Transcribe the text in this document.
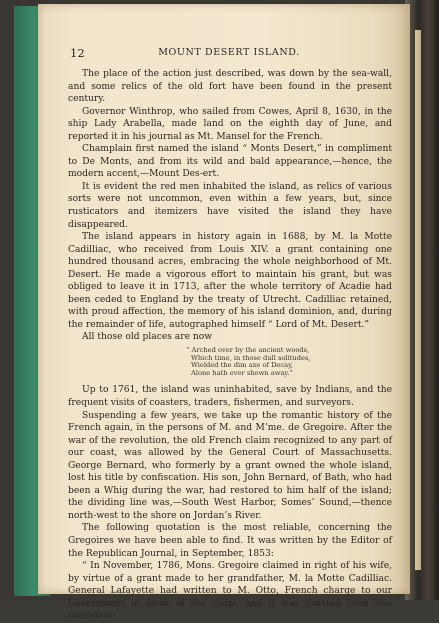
12	MOUNT DESERT ISLAND.

The place of the action just described, was down by the sea-wall, and some relics of the old fort have been found in the present century.

Governor Winthrop, who sailed from Cowes, April 8, 1630, in the ship Lady Arabella, made land on the eighth day of June, and reported it in his journal as Mt. Mansel for the French.

Champlain first named the island “ Monts Desert,” in compliment to De Monts, and from its wild and bald appearance,—hence, the modern accent,—Mount Des-ert.

It is evident the red men inhabited the island, as relics of various sorts were not uncommon, even within a few years, but, since rusticators and itemizers have visited the island they have disappeared.

The island appears in history again in 1688, by M. la Motte Cadilliac, who received from Louis XIV. a grant containing one hundred thousand acres, embracing the whole neighborhood of Mt. Desert. He made a vigorous effort to maintain his grant, but was obliged to leave it in 1713, after the whole territory of Acadie had been ceded to England by the treaty of Utrecht. Cadilliac retained, with proud affection, the memory of his island dominion, and, during the remainder of life, autographed himself “ Lord of Mt. Desert.”

All those old places are now

“ Arched over by the ancient woods,
Which time, in those dull solitudes,
Wielded the dim axe of Decay,
Alone hath ever shown away.”

Up to 1761, the island was uninhabited, save by Indians, and the frequent visits of coasters, traders, fishermen, and surveyors.

Suspending a few years, we take up the romantic history of the French again, in the persons of M. and M’me. de Gregoire. After the war of the revolution, the old French claim recognized to any part of our coast, was allowed by the General Court of Massachusetts. George Bernard, who formerly by a grant owned the whole island, lost his title by confiscation. His son, John Bernard, of Bath, who had been a Whig during the war, had restored to him half of the island; the dividing line was,—South West Harbor, Somes’ Sound,—thence north-west to the shore on Jordan’s River.

The following quotation is the most reliable, concerning the Gregoires we have been able to find. It was written by the Editor of the Republican Journal, in September, 1853:

“ In November, 1786, Mons. Gregoire claimed in right of his wife, by virtue of a grant made to her grandfather, M. la Motte Cadilliac. General Lafayette had written to M. Otto, French charge to our Government in favor of the claim, and it was granted from this considera-
